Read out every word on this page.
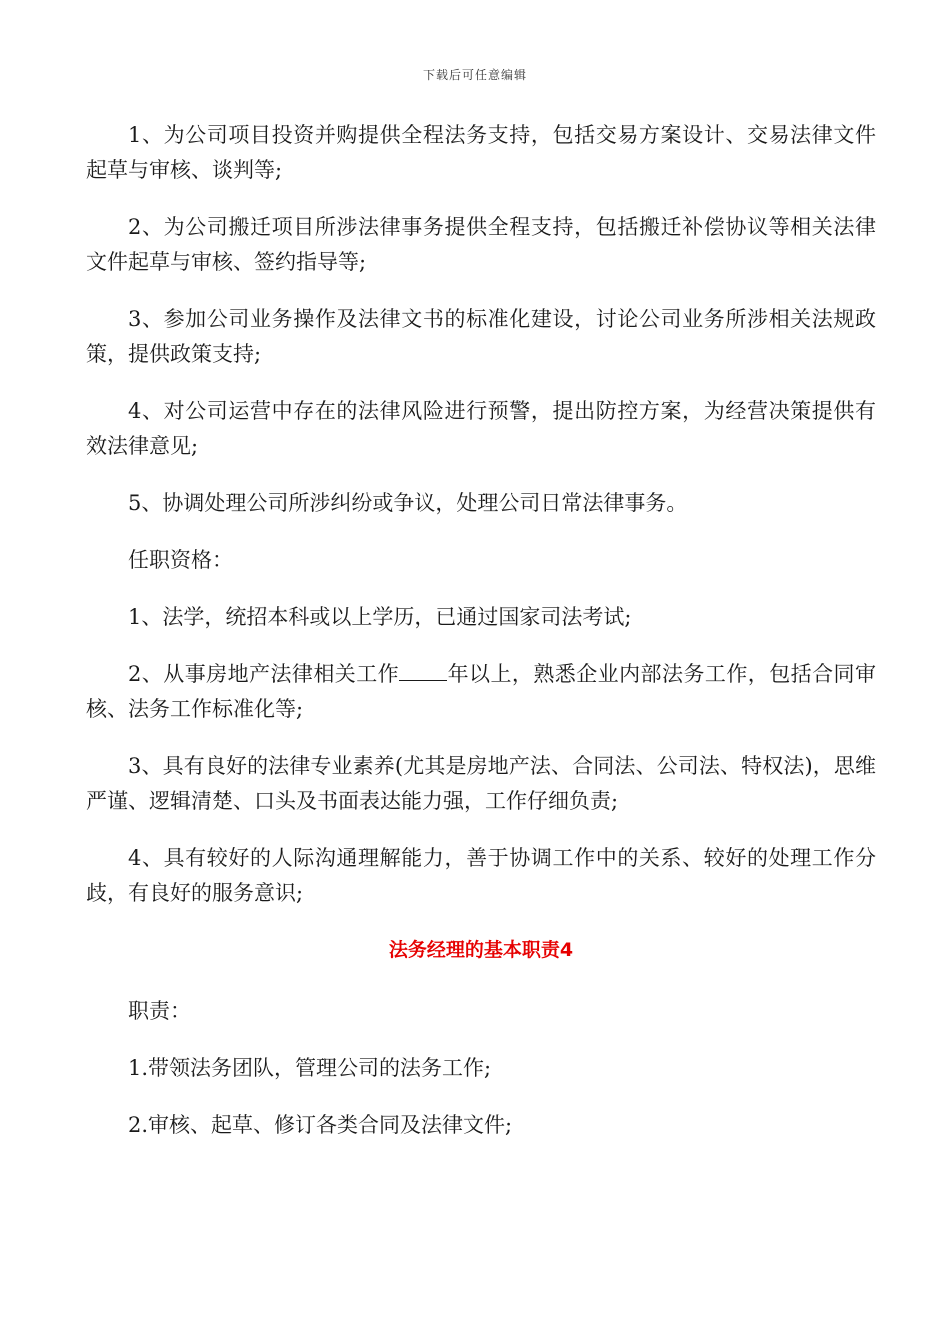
下载后可任意编辑

1、为公司项目投资并购提供全程法务支持，包括交易方案设计、交易法律文件起草与审核、谈判等;

2、为公司搬迁项目所涉法律事务提供全程支持，包括搬迁补偿协议等相关法律文件起草与审核、签约指导等;

3、参加公司业务操作及法律文书的标准化建设，讨论公司业务所涉相关法规政策，提供政策支持;

4、对公司运营中存在的法律风险进行预警，提出防控方案，为经营决策提供有效法律意见;

5、协调处理公司所涉纠纷或争议，处理公司日常法律事务。

任职资格：

1、法学，统招本科或以上学历，已通过国家司法考试;

2、从事房地产法律相关工作 年以上，熟悉企业内部法务工作，包括合同审核、法务工作标准化等;

3、具有良好的法律专业素养(尤其是房地产法、合同法、公司法、特权法)，思维严谨、逻辑清楚、口头及书面表达能力强，工作仔细负责;

4、具有较好的人际沟通理解能力，善于协调工作中的关系、较好的处理工作分歧，有良好的服务意识;

法务经理的基本职责4

职责：

1.带领法务团队，管理公司的法务工作;

2.审核、起草、修订各类合同及法律文件;
